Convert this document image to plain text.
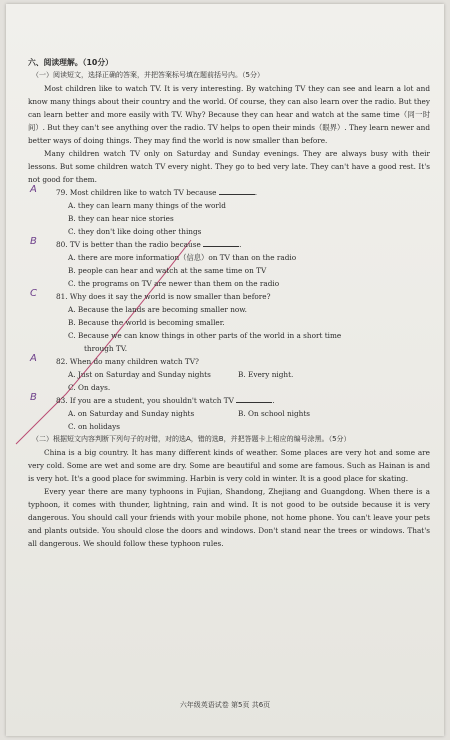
六、阅读理解。（10分）
（一）阅读短文，选择正确的答案，并把答案标号填在题前括号内。（5分）

Most children like to watch TV. It is very interesting. By watching TV they can see and learn a lot and know many things about their country and the world. Of course, they can also learn over the radio. But they can learn better and more easily with TV. Why? Because they can hear and watch at the same time（同一时间）. But they can't see anything over the radio. TV helps to open their minds（眼界）. They learn newer and better ways of doing things. They may find the world is now smaller than before.

Many children watch TV only on Saturday and Sunday evenings. They are always busy with their lessons. But some children watch TV every night. They go to bed very late. They can't have a good rest. It's not good for them.

A	79. Most children like to watch TV because	.
A. they can learn many things of the world
B. they can hear nice stories
C. they don't like doing other things
B	80. TV is better than the radio because	.
A. there are more information（信息）on TV than on the radio
B. people can hear and watch at the same time on TV
C. the programs on TV are newer than them on the radio
C	81. Why does it say the world is now smaller than before?
A. Because the lands are becoming smaller now.
B. Because the world is becoming smaller.
C. Because we can know things in other parts of the world in a short time
through TV.
A	82. When do many children watch TV?
A. Just on Saturday and Sunday nights	B. Every night.
C. On days.
B	83. If you are a student, you shouldn't watch TV	.
A. on Saturday and Sunday nights	B. On school nights
C. on holidays
（二）根据短文内容判断下列句子的对错，对的选A，错的选B，并把答题卡上相应的编号涂黑。（5分）

China is a big country. It has many different kinds of weather. Some places are very hot and some are very cold. Some are wet and some are dry. Some are beautiful and some are famous. Such as Hainan is and is very hot. It's a good place for swimming. Harbin is very cold in winter. It is a good place for skating.

Every year there are many typhoons in Fujian, Shandong, Zhejiang and Guangdong. When there is a typhoon, it comes with thunder, lightning, rain and wind. It is not good to be outside because it is very dangerous. You should call your friends with your mobile phone, not home phone. You can't leave your pets and plants outside. You should close the doors and windows. Don't stand near the trees or windows. That's all dangerous. We should follow these typhoon rules.

六年级英语试卷 第5页 共6页
